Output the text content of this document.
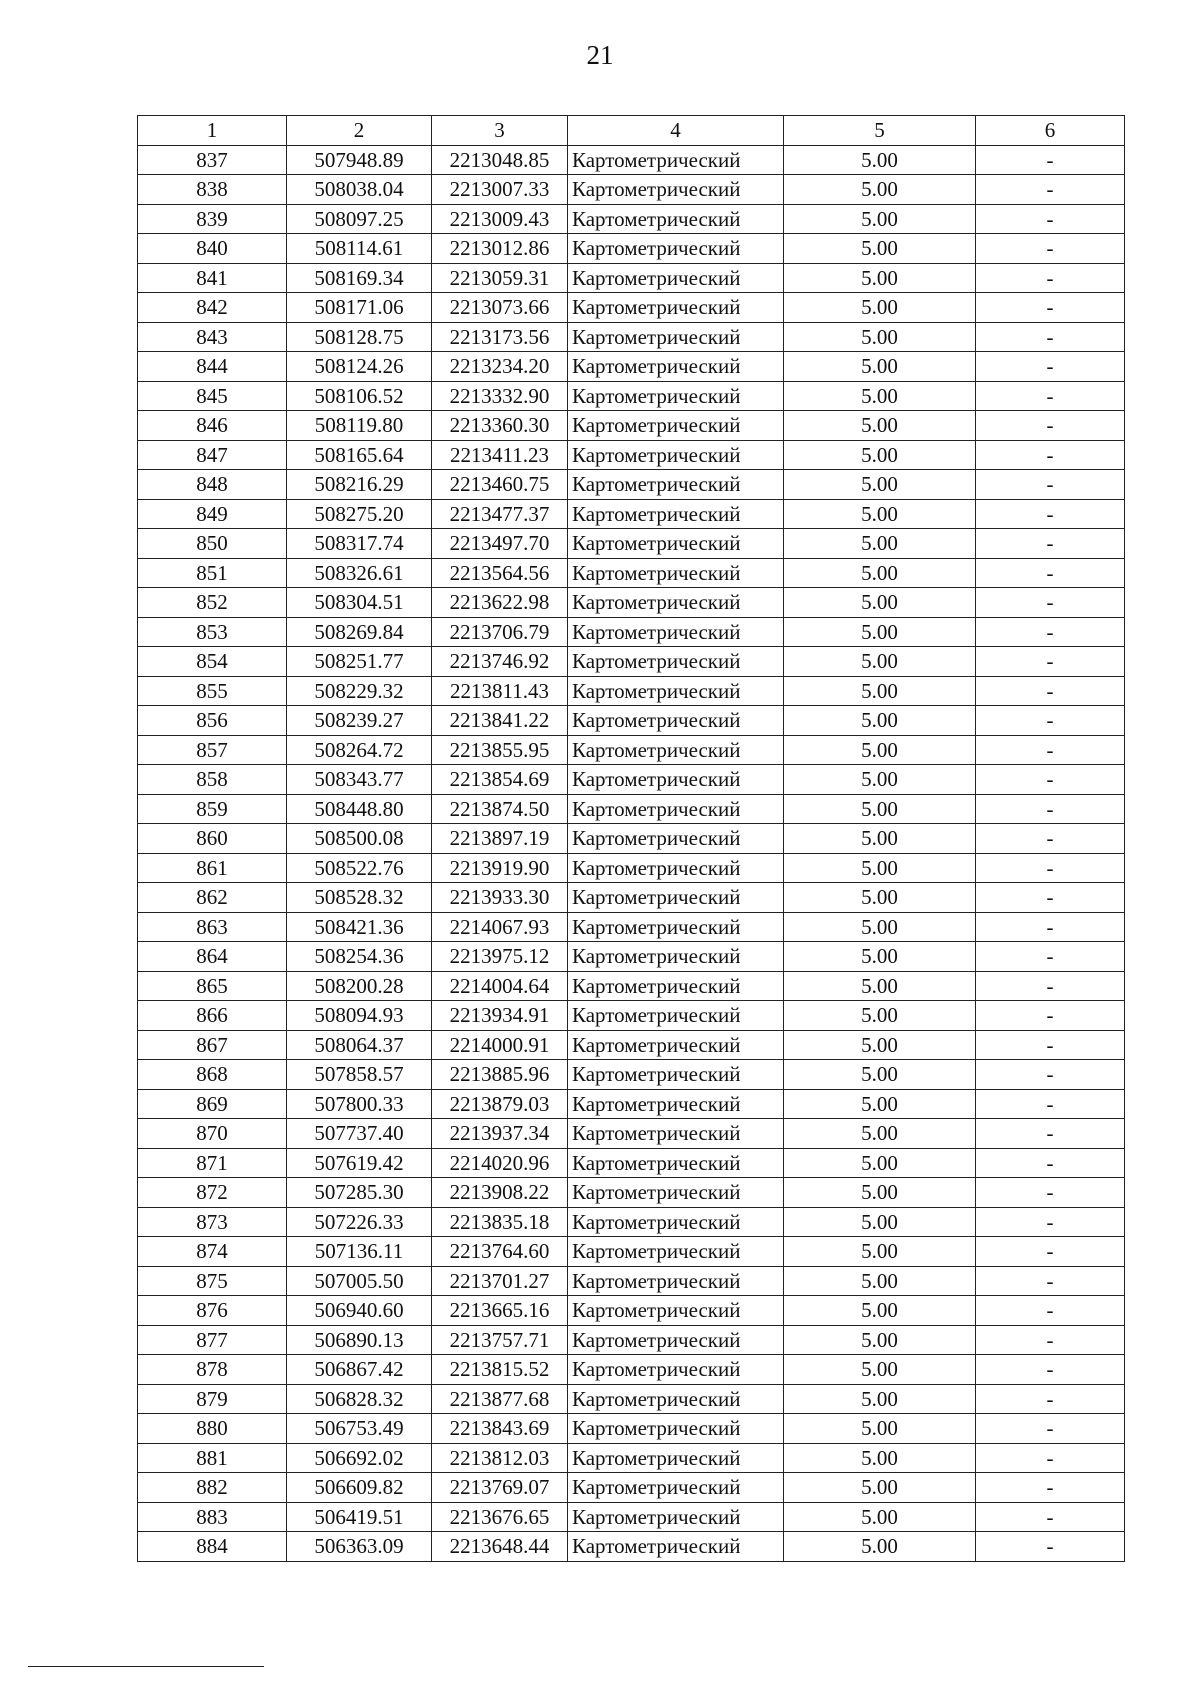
21
1	2	3	4	5	6
837	507948.89	2213048.85	Картометрический	5.00	-
838	508038.04	2213007.33	Картометрический	5.00	-
839	508097.25	2213009.43	Картометрический	5.00	-
840	508114.61	2213012.86	Картометрический	5.00	-
841	508169.34	2213059.31	Картометрический	5.00	-
842	508171.06	2213073.66	Картометрический	5.00	-
843	508128.75	2213173.56	Картометрический	5.00	-
844	508124.26	2213234.20	Картометрический	5.00	-
845	508106.52	2213332.90	Картометрический	5.00	-
846	508119.80	2213360.30	Картометрический	5.00	-
847	508165.64	2213411.23	Картометрический	5.00	-
848	508216.29	2213460.75	Картометрический	5.00	-
849	508275.20	2213477.37	Картометрический	5.00	-
850	508317.74	2213497.70	Картометрический	5.00	-
851	508326.61	2213564.56	Картометрический	5.00	-
852	508304.51	2213622.98	Картометрический	5.00	-
853	508269.84	2213706.79	Картометрический	5.00	-
854	508251.77	2213746.92	Картометрический	5.00	-
855	508229.32	2213811.43	Картометрический	5.00	-
856	508239.27	2213841.22	Картометрический	5.00	-
857	508264.72	2213855.95	Картометрический	5.00	-
858	508343.77	2213854.69	Картометрический	5.00	-
859	508448.80	2213874.50	Картометрический	5.00	-
860	508500.08	2213897.19	Картометрический	5.00	-
861	508522.76	2213919.90	Картометрический	5.00	-
862	508528.32	2213933.30	Картометрический	5.00	-
863	508421.36	2214067.93	Картометрический	5.00	-
864	508254.36	2213975.12	Картометрический	5.00	-
865	508200.28	2214004.64	Картометрический	5.00	-
866	508094.93	2213934.91	Картометрический	5.00	-
867	508064.37	2214000.91	Картометрический	5.00	-
868	507858.57	2213885.96	Картометрический	5.00	-
869	507800.33	2213879.03	Картометрический	5.00	-
870	507737.40	2213937.34	Картометрический	5.00	-
871	507619.42	2214020.96	Картометрический	5.00	-
872	507285.30	2213908.22	Картометрический	5.00	-
873	507226.33	2213835.18	Картометрический	5.00	-
874	507136.11	2213764.60	Картометрический	5.00	-
875	507005.50	2213701.27	Картометрический	5.00	-
876	506940.60	2213665.16	Картометрический	5.00	-
877	506890.13	2213757.71	Картометрический	5.00	-
878	506867.42	2213815.52	Картометрический	5.00	-
879	506828.32	2213877.68	Картометрический	5.00	-
880	506753.49	2213843.69	Картометрический	5.00	-
881	506692.02	2213812.03	Картометрический	5.00	-
882	506609.82	2213769.07	Картометрический	5.00	-
883	506419.51	2213676.65	Картометрический	5.00	-
884	506363.09	2213648.44	Картометрический	5.00	-
